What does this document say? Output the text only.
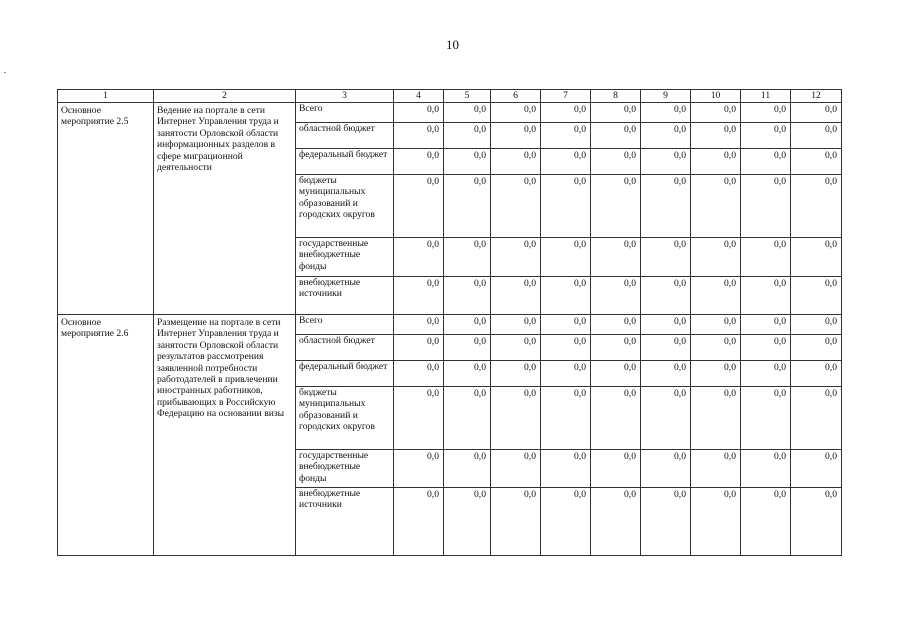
10
1	2	3	4	5	6	7	8	9	10	11	12
Основное мероприятие 2.5	Ведение на портале в сети Интернет Управления труда и занятости Орловской области информационных разделов в сфере миграционной деятельности	Всего	0,0	0,0	0,0	0,0	0,0	0,0	0,0	0,0	0,0
		областной бюджет	0,0	0,0	0,0	0,0	0,0	0,0	0,0	0,0	0,0
		федеральный бюджет	0,0	0,0	0,0	0,0	0,0	0,0	0,0	0,0	0,0
		бюджеты муниципальных образований и городских округов	0,0	0,0	0,0	0,0	0,0	0,0	0,0	0,0	0,0
		государственные внебюджетные фонды	0,0	0,0	0,0	0,0	0,0	0,0	0,0	0,0	0,0
		внебюджетные источники	0,0	0,0	0,0	0,0	0,0	0,0	0,0	0,0	0,0
Основное мероприятие 2.6	Размещение на портале в сети Интернет Управления труда и занятости Орловской области результатов рассмотрения заявленной потребности работодателей в привлечении иностранных работников, прибывающих в Российскую Федерацию на основании визы	Всего	0,0	0,0	0,0	0,0	0,0	0,0	0,0	0,0	0,0
		областной бюджет	0,0	0,0	0,0	0,0	0,0	0,0	0,0	0,0	0,0
		федеральный бюджет	0,0	0,0	0,0	0,0	0,0	0,0	0,0	0,0	0,0
		бюджеты муниципальных образований и городских округов	0,0	0,0	0,0	0,0	0,0	0,0	0,0	0,0	0,0
		государственные внебюджетные фонды	0,0	0,0	0,0	0,0	0,0	0,0	0,0	0,0	0,0
		внебюджетные источники	0,0	0,0	0,0	0,0	0,0	0,0	0,0	0,0	0,0
